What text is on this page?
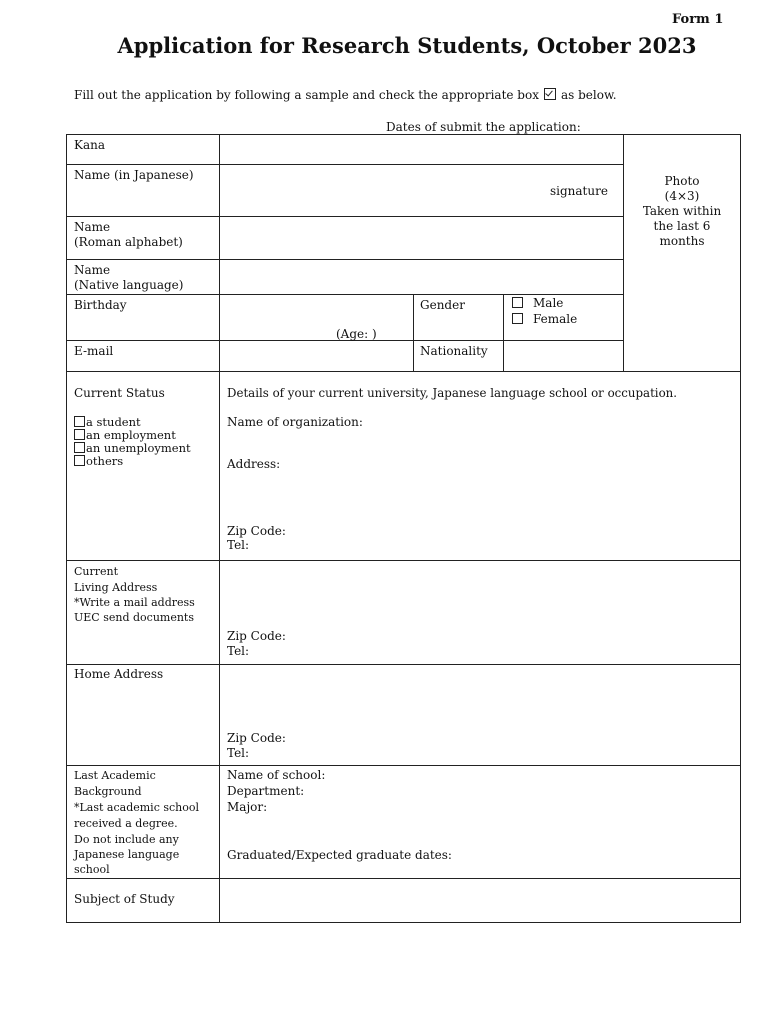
Form 1
Application for Research Students, October 2023
Fill out the application by following a sample and check the appropriate box as below.
Dates of submit the application:
Kana
Name (in Japanese)
signature
Name
(Roman alphabet)
Name
(Native language)
Birthday
(Age: )
Gender	Male
Female
E-mail	Nationality
Photo
(4×3)
Taken within
the last 6
months
Current Status
a student
an employment
an unemployment
others
Details of your current university, Japanese language school or occupation.
Name of organization:
Address:
Zip Code:
Tel:
Current
Living Address
*Write a mail address
UEC send documents
Zip Code:
Tel:
Home Address
Zip Code:
Tel:
Last Academic
Background
*Last academic school
received a degree.
Do not include any
Japanese language
school
Name of school:
Department:
Major:
Graduated/Expected graduate dates:
Subject of Study
